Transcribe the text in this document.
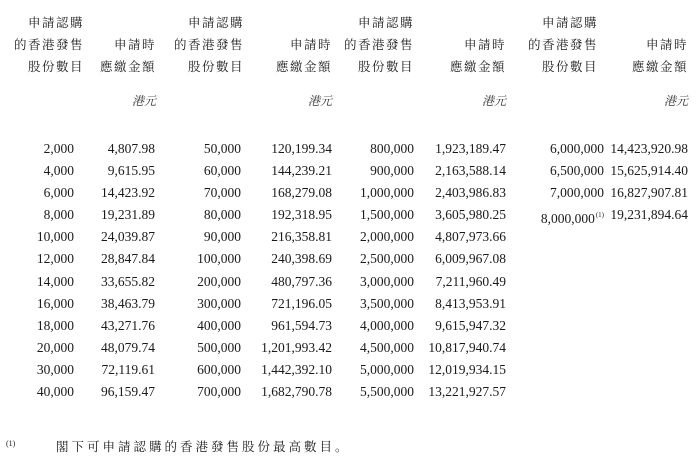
申請認購
的香港發售
股份數目
申請時
應繳金額
港元
申請認購
的香港發售
股份數目
申請時
應繳金額
港元
申請認購
的香港發售
股份數目
申請時
應繳金額
港元
申請認購
的香港發售
股份數目
申請時
應繳金額
港元
2,000
4,000
6,000
8,000
10,000
12,000
14,000
16,000
18,000
20,000
30,000
40,000
4,807.98
9,615.95
14,423.92
19,231.89
24,039.87
28,847.84
33,655.82
38,463.79
43,271.76
48,079.74
72,119.61
96,159.47
50,000
60,000
70,000
80,000
90,000
100,000
200,000
300,000
400,000
500,000
600,000
700,000
120,199.34
144,239.21
168,279.08
192,318.95
216,358.81
240,398.69
480,797.36
721,196.05
961,594.73
1,201,993.42
1,442,392.10
1,682,790.78
800,000
900,000
1,000,000
1,500,000
2,000,000
2,500,000
3,000,000
3,500,000
4,000,000
4,500,000
5,000,000
5,500,000
1,923,189.47
2,163,588.14
2,403,986.83
3,605,980.25
4,807,973.66
6,009,967.08
7,211,960.49
8,413,953.91
9,615,947.32
10,817,940.74
12,019,934.15
13,221,927.57
6,000,000
6,500,000
7,000,000
8,000,000$^{(1)}$
14,423,920.98
15,625,914.40
16,827,907.81
19,231,894.64
(1)	閣下可申請認購的香港發售股份最高數目。
